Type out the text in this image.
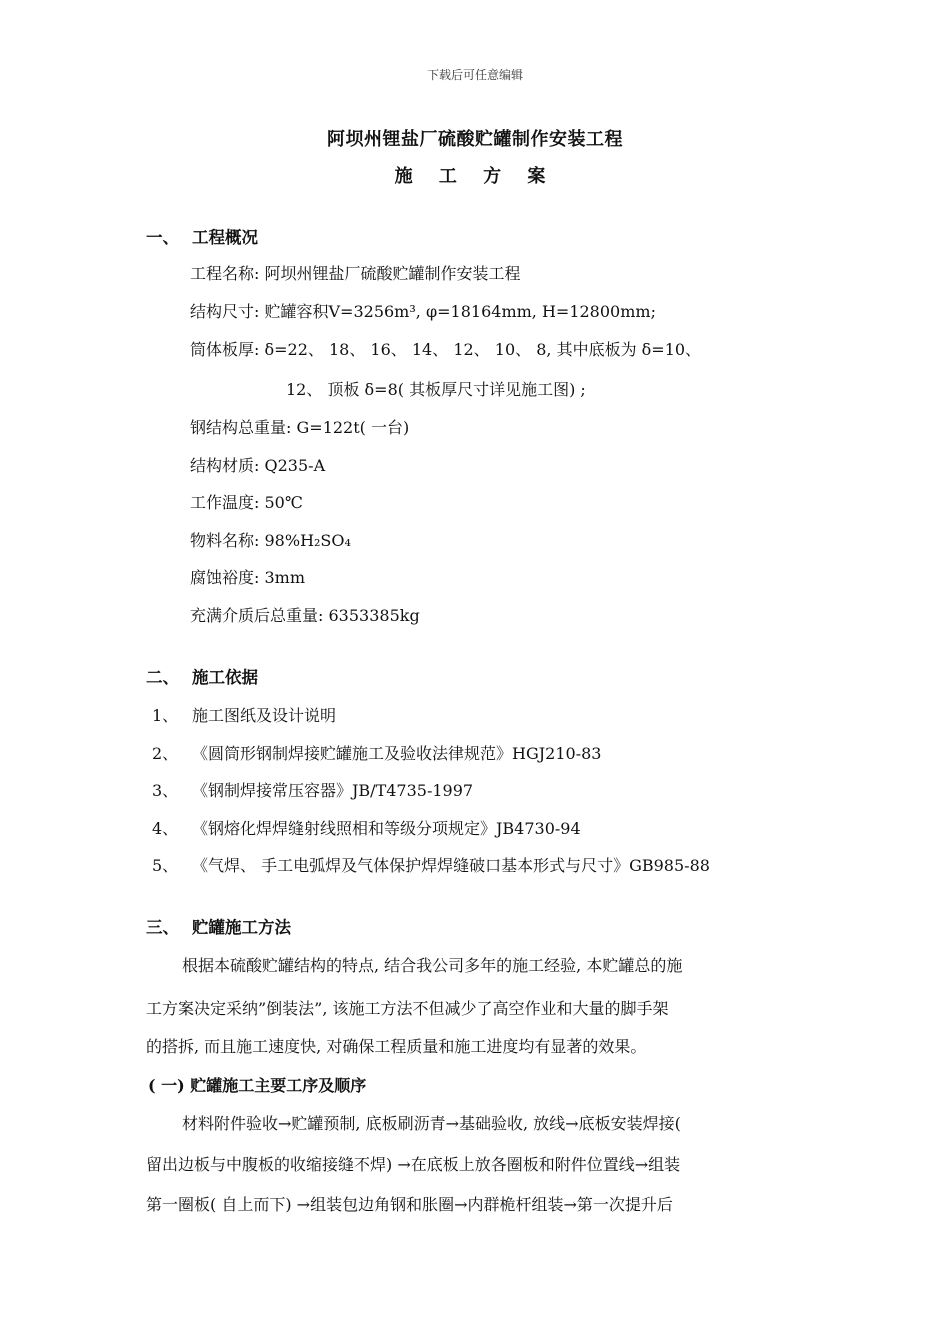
下载后可任意编辑
阿坝州锂盐厂硫酸贮罐制作安装工程
施 工 方 案
一、 工程概况
工程名称: 阿坝州锂盐厂硫酸贮罐制作安装工程
结构尺寸: 贮罐容积V=3256m³, φ=18164mm, H=12800mm;
筒体板厚: δ=22、 18、 16、 14、 12、 10、 8, 其中底板为 δ=10、
12、 顶板 δ=8( 其板厚尺寸详见施工图) ;
钢结构总重量: G=122t( 一台)
结构材质: Q235-A
工作温度: 50℃
物料名称: 98%H₂SO₄
腐蚀裕度: 3mm
充满介质后总重量: 6353385kg
二、 施工依据
1、 施工图纸及设计说明
2、 《圆筒形钢制焊接贮罐施工及验收法律规范》HGJ210-83
3、 《钢制焊接常压容器》JB/T4735-1997
4、 《钢熔化焊焊缝射线照相和等级分项规定》JB4730-94
5、 《气焊、 手工电弧焊及气体保护焊焊缝破口基本形式与尺寸》GB985-88
三、 贮罐施工方法
根据本硫酸贮罐结构的特点, 结合我公司多年的施工经验, 本贮罐总的施
工方案决定采纳”倒装法”, 该施工方法不但减少了高空作业和大量的脚手架
的搭拆, 而且施工速度快, 对确保工程质量和施工进度均有显著的效果。
( 一) 贮罐施工主要工序及顺序
材料附件验收→贮罐预制, 底板刷沥青→基础验收, 放线→底板安装焊接(
留出边板与中腹板的收缩接缝不焊) →在底板上放各圈板和附件位置线→组装
第一圈板( 自上而下) →组装包边角钢和胀圈→内群桅杆组装→第一次提升后
